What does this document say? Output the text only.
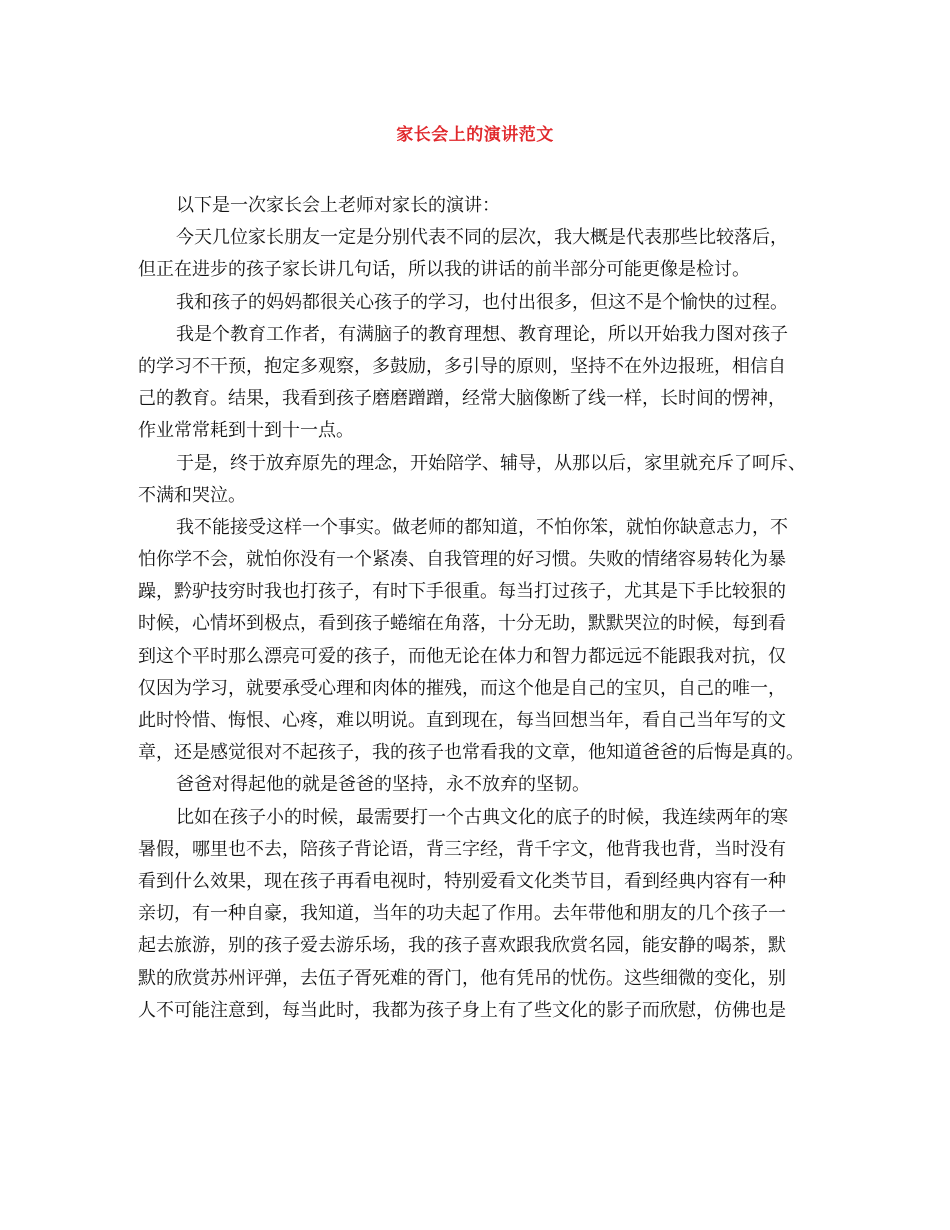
家长会上的演讲范文
以下是一次家长会上老师对家长的演讲：
今天几位家长朋友一定是分别代表不同的层次，我大概是代表那些比较落后，
但正在进步的孩子家长讲几句话，所以我的讲话的前半部分可能更像是检讨。
我和孩子的妈妈都很关心孩子的学习，也付出很多，但这不是个愉快的过程。
我是个教育工作者，有满脑子的教育理想、教育理论，所以开始我力图对孩子
的学习不干预，抱定多观察，多鼓励，多引导的原则，坚持不在外边报班，相信自
己的教育。结果，我看到孩子磨磨蹭蹭，经常大脑像断了线一样，长时间的愣神，
作业常常耗到十到十一点。
于是，终于放弃原先的理念，开始陪学、辅导，从那以后，家里就充斥了呵斥、
不满和哭泣。
我不能接受这样一个事实。做老师的都知道，不怕你笨，就怕你缺意志力，不
怕你学不会，就怕你没有一个紧凑、自我管理的好习惯。失败的情绪容易转化为暴
躁，黔驴技穷时我也打孩子，有时下手很重。每当打过孩子，尤其是下手比较狠的
时候，心情坏到极点，看到孩子蜷缩在角落，十分无助，默默哭泣的时候，每到看
到这个平时那么漂亮可爱的孩子，而他无论在体力和智力都远远不能跟我对抗，仅
仅因为学习，就要承受心理和肉体的摧残，而这个他是自己的宝贝，自己的唯一，
此时怜惜、悔恨、心疼，难以明说。直到现在，每当回想当年，看自己当年写的文
章，还是感觉很对不起孩子，我的孩子也常看我的文章，他知道爸爸的后悔是真的。
爸爸对得起他的就是爸爸的坚持，永不放弃的坚韧。
比如在孩子小的时候，最需要打一个古典文化的底子的时候，我连续两年的寒
暑假，哪里也不去，陪孩子背论语，背三字经，背千字文，他背我也背，当时没有
看到什么效果，现在孩子再看电视时，特别爱看文化类节目，看到经典内容有一种
亲切，有一种自豪，我知道，当年的功夫起了作用。去年带他和朋友的几个孩子一
起去旅游，别的孩子爱去游乐场，我的孩子喜欢跟我欣赏名园，能安静的喝茶，默
默的欣赏苏州评弹，去伍子胥死难的胥门，他有凭吊的忧伤。这些细微的变化，别
人不可能注意到，每当此时，我都为孩子身上有了些文化的影子而欣慰，仿佛也是
